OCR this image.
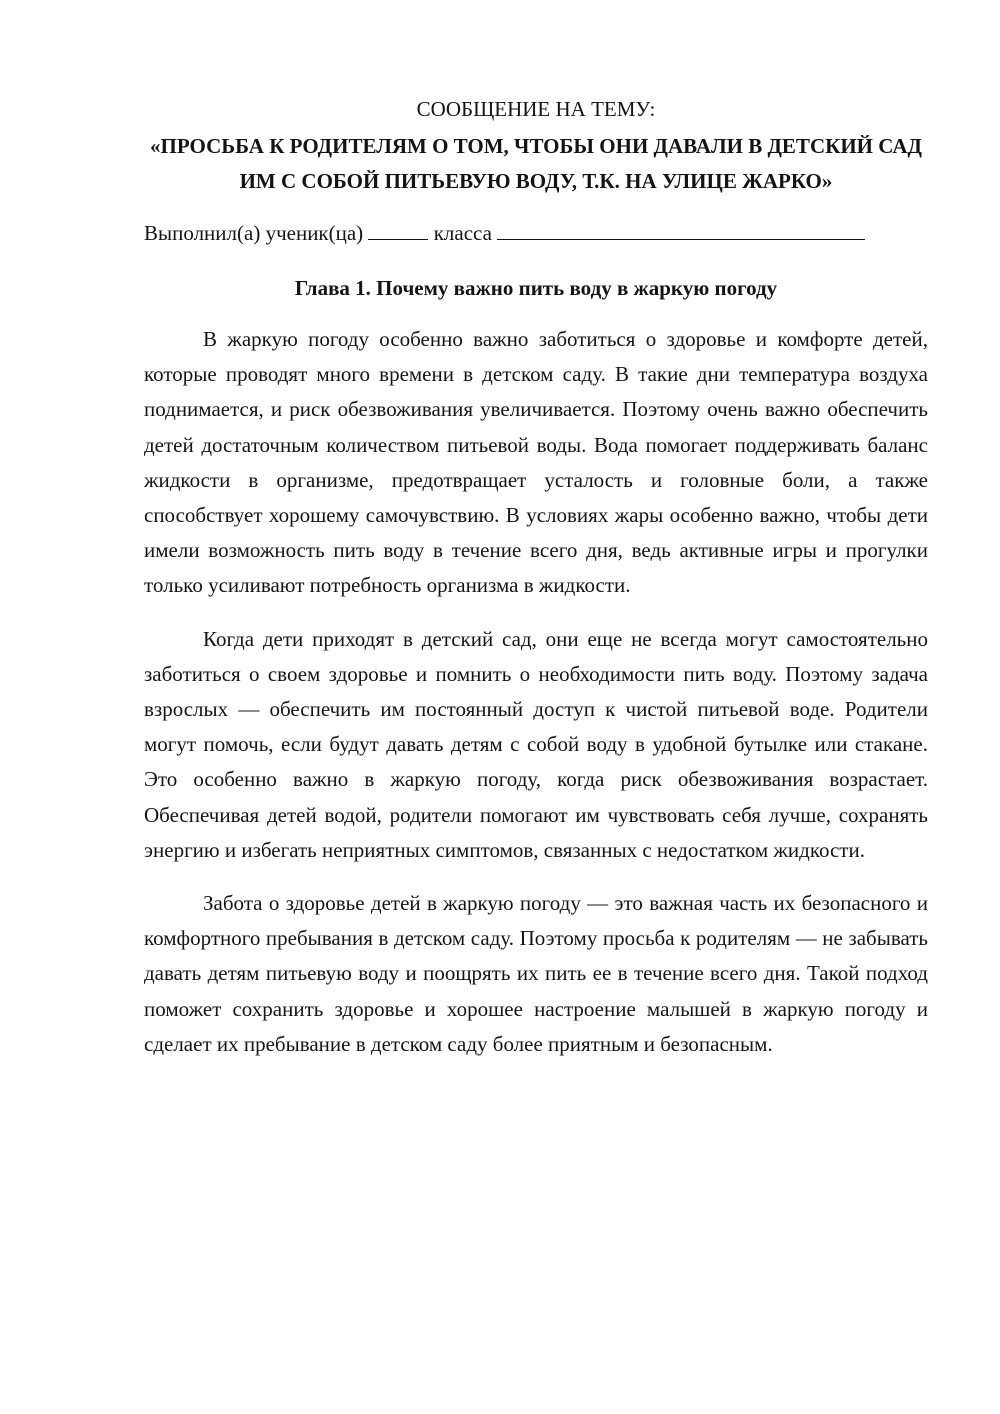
СООБЩЕНИЕ НА ТЕМУ:

«ПРОСЬБА К РОДИТЕЛЯМ О ТОМ, ЧТОБЫ ОНИ ДАВАЛИ В ДЕТСКИЙ САД ИМ С СОБОЙ ПИТЬЕВУЮ ВОДУ, Т.К. НА УЛИЦЕ ЖАРКО»

Выполнил(а) ученик(ца)	класса

Глава 1. Почему важно пить воду в жаркую погоду

В жаркую погоду особенно важно заботиться о здоровье и комфорте детей, которые проводят много времени в детском саду. В такие дни температура воздуха поднимается, и риск обезвоживания увеличивается. Поэтому очень важно обеспечить детей достаточным количеством питьевой воды. Вода помогает поддерживать баланс жидкости в организме, предотвращает усталость и головные боли, а также способствует хорошему самочувствию. В условиях жары особенно важно, чтобы дети имели возможность пить воду в течение всего дня, ведь активные игры и прогулки только усиливают потребность организма в жидкости.

Когда дети приходят в детский сад, они еще не всегда могут самостоятельно заботиться о своем здоровье и помнить о необходимости пить воду. Поэтому задача взрослых — обеспечить им постоянный доступ к чистой питьевой воде. Родители могут помочь, если будут давать детям с собой воду в удобной бутылке или стакане. Это особенно важно в жаркую погоду, когда риск обезвоживания возрастает. Обеспечивая детей водой, родители помогают им чувствовать себя лучше, сохранять энергию и избегать неприятных симптомов, связанных с недостатком жидкости.

Забота о здоровье детей в жаркую погоду — это важная часть их безопасного и комфортного пребывания в детском саду. Поэтому просьба к родителям — не забывать давать детям питьевую воду и поощрять их пить ее в течение всего дня. Такой подход поможет сохранить здоровье и хорошее настроение малышей в жаркую погоду и сделает их пребывание в детском саду более приятным и безопасным.
